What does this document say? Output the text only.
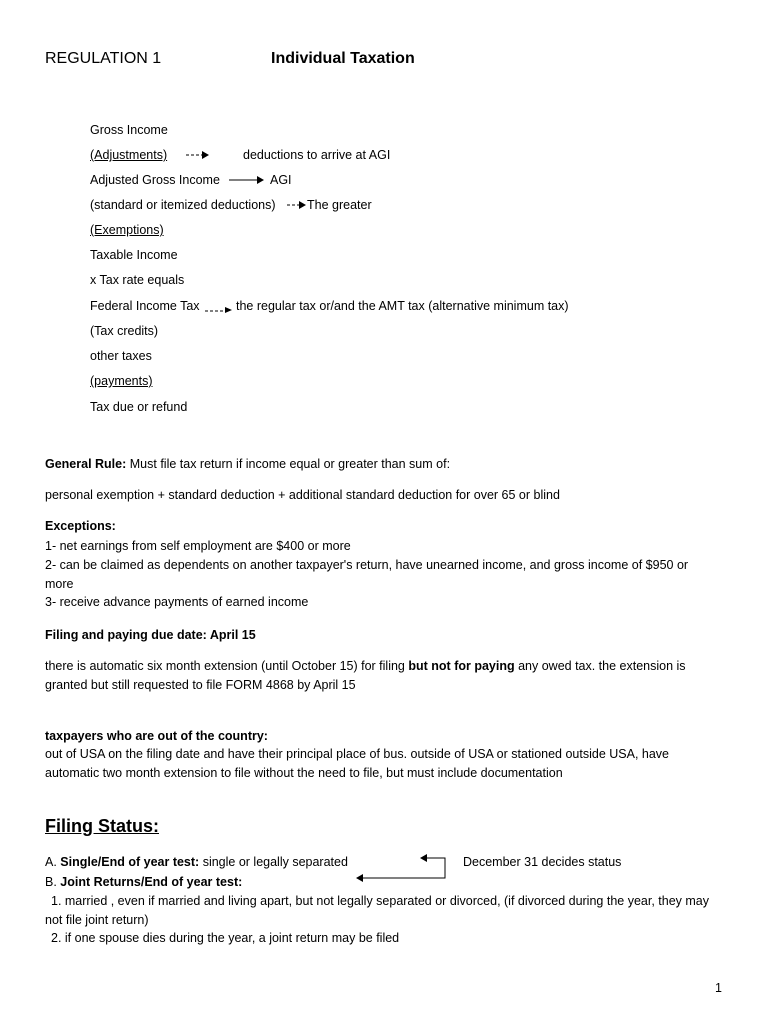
REGULATION 1	Individual Taxation
Gross Income
(Adjustments)	deductions to arrive at AGI
Adjusted Gross Income	AGI
(standard or itemized deductions)	The greater
(Exemptions)
Taxable Income
x Tax rate equals
Federal Income Tax	the regular tax or/and the AMT tax (alternative minimum tax)
(Tax credits)
other taxes
(payments)
Tax due or refund
General Rule: Must file tax return if income equal or greater than sum of:
personal exemption + standard deduction + additional standard deduction for over 65 or blind
Exceptions:
1- net earnings from self employment are $400 or more
2- can be claimed as dependents on another taxpayer's return, have unearned income, and gross income of $950 or more
3- receive advance payments of earned income
Filing and paying due date: April 15
there is automatic six month extension (until October 15) for filing but not for paying any owed tax. the extension is granted but still requested to file FORM 4868 by April 15
taxpayers who are out of the country:
out of USA on the filing date and have their principal place of bus. outside of USA or stationed outside USA, have automatic two month extension to file without the need to file, but must include documentation
Filing Status:
A. Single/End of year test: single or legally separated	December 31 decides status
B. Joint Returns/End of year test:
1. married , even if married and living apart, but not legally separated or divorced, (if divorced during the year, they may not file joint return)
2. if one spouse dies during the year, a joint return may be filed
1
